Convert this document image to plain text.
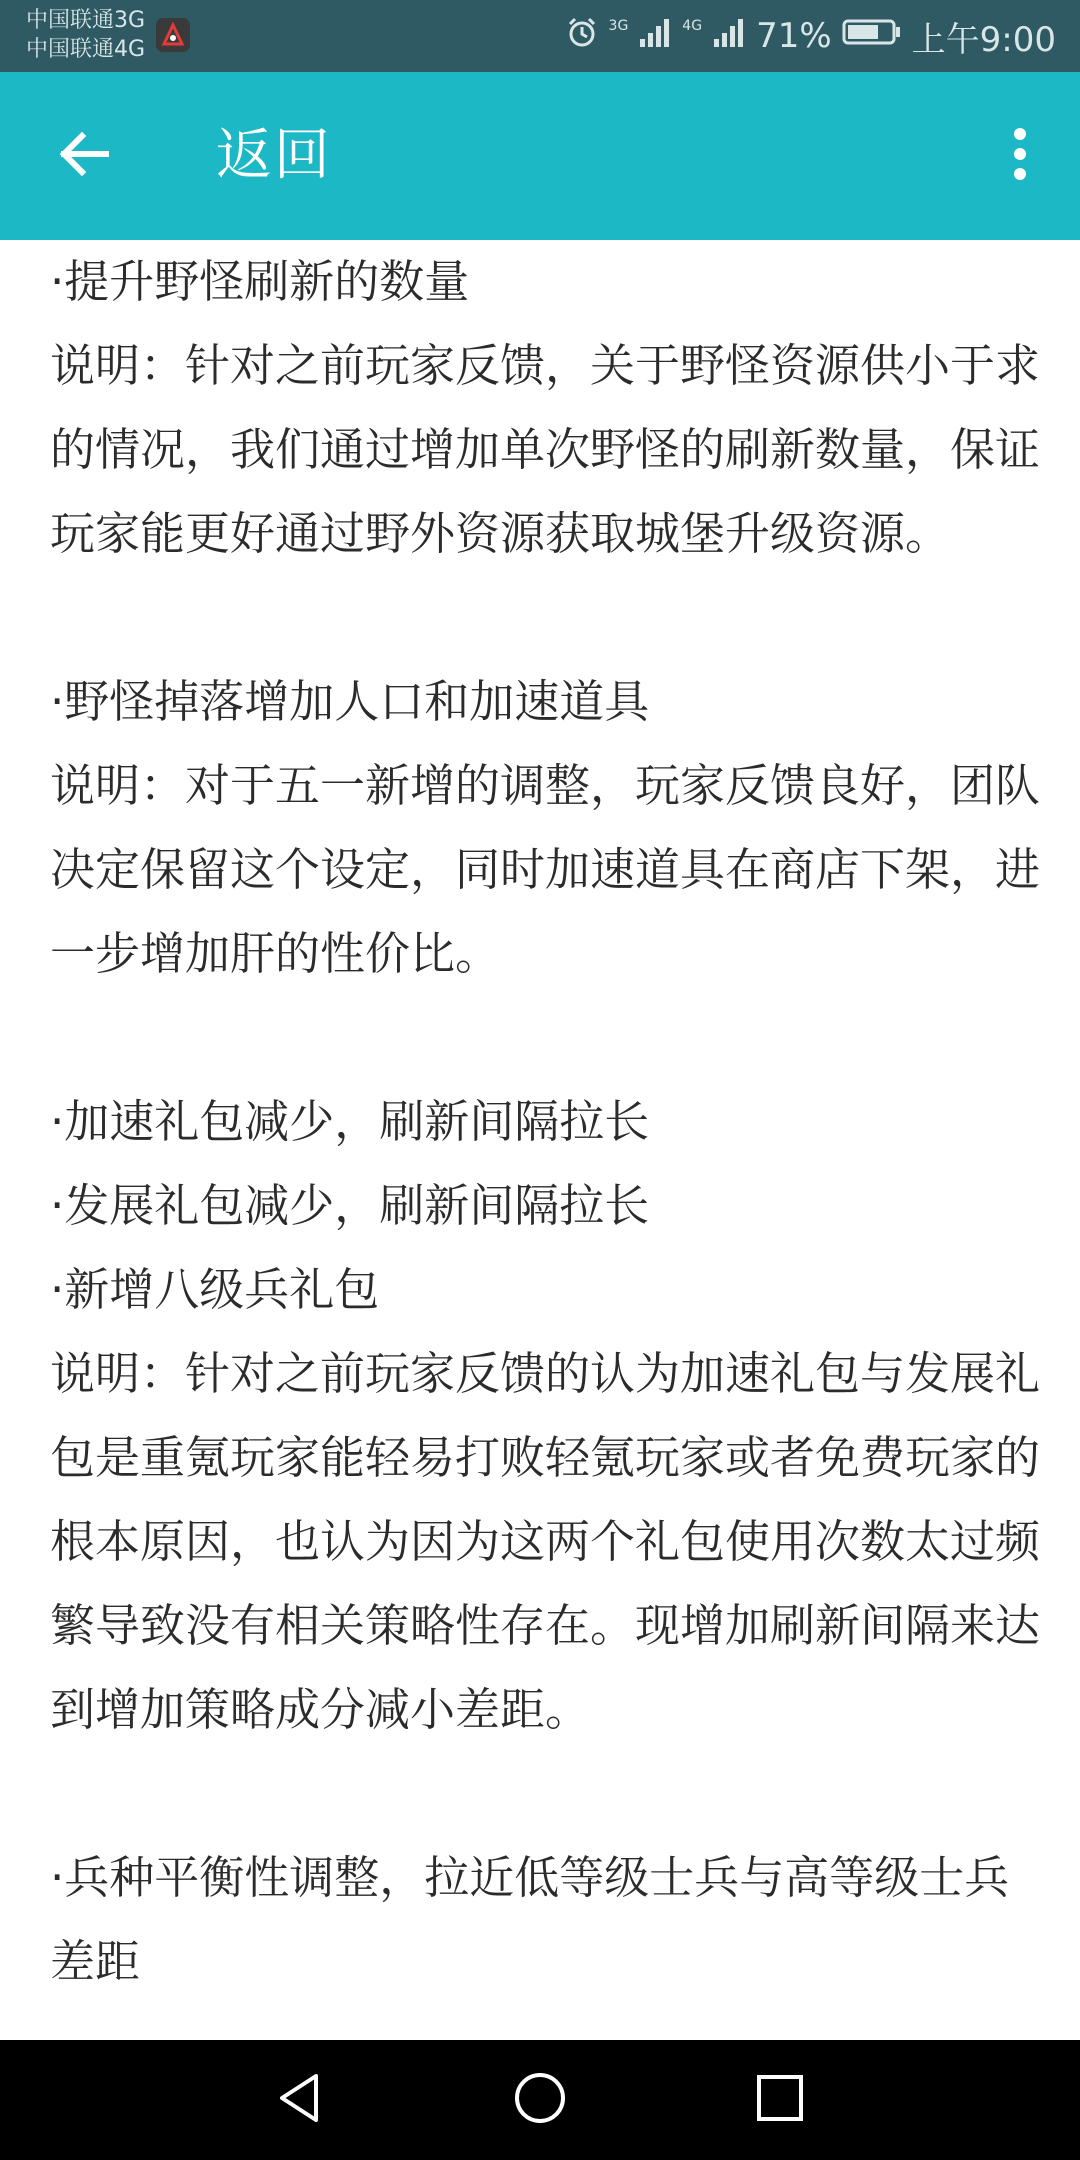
中国联通3G
中国联通4G
3G	4G 71% 上午9:00
返回

·提升野怪刷新的数量

说明：针对之前玩家反馈，关于野怪资源供小于求的情况，我们通过增加单次野怪的刷新数量，保证玩家能更好通过野外资源获取城堡升级资源。

·野怪掉落增加人口和加速道具

说明：对于五一新增的调整，玩家反馈良好，团队决定保留这个设定，同时加速道具在商店下架，进一步增加肝的性价比。

·加速礼包减少，刷新间隔拉长

·发展礼包减少，刷新间隔拉长

·新增八级兵礼包

说明：针对之前玩家反馈的认为加速礼包与发展礼包是重氪玩家能轻易打败轻氪玩家或者免费玩家的根本原因，也认为因为这两个礼包使用次数太过频繁导致没有相关策略性存在。现增加刷新间隔来达到增加策略成分减小差距。

·兵种平衡性调整，拉近低等级士兵与高等级士兵差距
